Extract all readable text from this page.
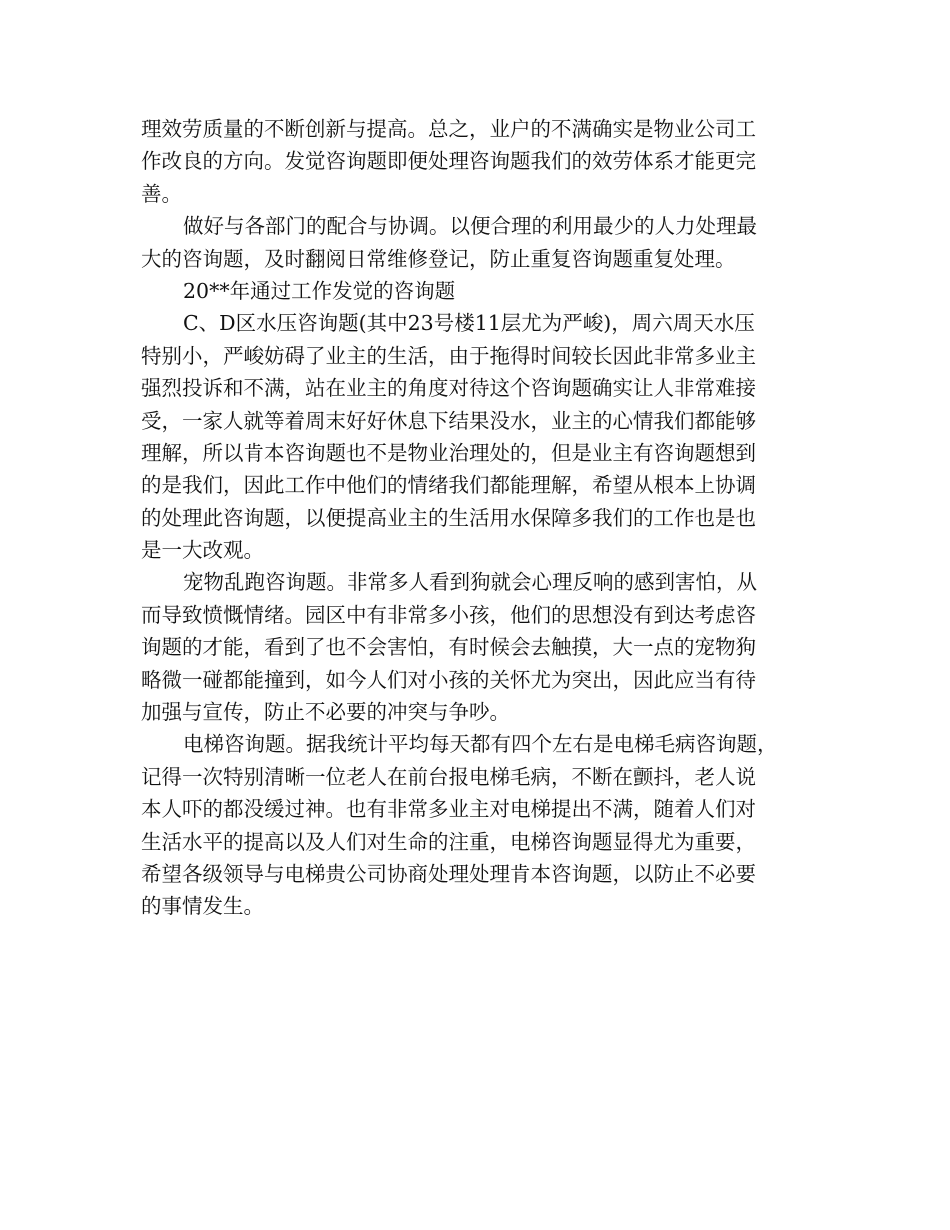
理效劳质量的不断创新与提高。总之，业户的不满确实是物业公司工
作改良的方向。发觉咨询题即便处理咨询题我们的效劳体系才能更完
善。
做好与各部门的配合与协调。以便合理的利用最少的人力处理最
大的咨询题，及时翻阅日常维修登记，防止重复咨询题重复处理。
20**年通过工作发觉的咨询题
C、D区水压咨询题(其中23号楼11层尤为严峻)，周六周天水压
特别小，严峻妨碍了业主的生活，由于拖得时间较长因此非常多业主
强烈投诉和不满，站在业主的角度对待这个咨询题确实让人非常难接
受，一家人就等着周末好好休息下结果没水，业主的心情我们都能够
理解，所以肯本咨询题也不是物业治理处的，但是业主有咨询题想到
的是我们，因此工作中他们的情绪我们都能理解，希望从根本上协调
的处理此咨询题，以便提高业主的生活用水保障多我们的工作也是也
是一大改观。
宠物乱跑咨询题。非常多人看到狗就会心理反响的感到害怕，从
而导致愤慨情绪。园区中有非常多小孩，他们的思想没有到达考虑咨
询题的才能，看到了也不会害怕，有时候会去触摸，大一点的宠物狗
略微一碰都能撞到，如今人们对小孩的关怀尤为突出，因此应当有待
加强与宣传，防止不必要的冲突与争吵。
电梯咨询题。据我统计平均每天都有四个左右是电梯毛病咨询题，
记得一次特别清晰一位老人在前台报电梯毛病，不断在颤抖，老人说
本人吓的都没缓过神。也有非常多业主对电梯提出不满，随着人们对
生活水平的提高以及人们对生命的注重，电梯咨询题显得尤为重要，
希望各级领导与电梯贵公司协商处理处理肯本咨询题，以防止不必要
的事情发生。
